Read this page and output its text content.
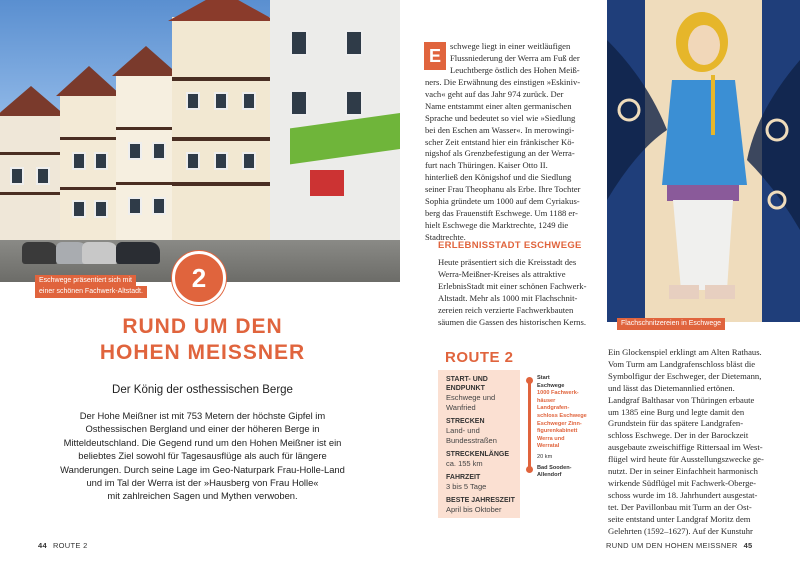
Eschwege präsentiert sich mit
einer schönen Fachwerk-Altstadt.	2
RUND UM DEN
HOHEN MEISSNER
Der König der osthessischen Berge

Der Hohe Meißner ist mit 753 Metern der höchste Gipfel im

Osthessischen Bergland und einer der höheren Berge in

Mitteldeutschland. Die Gegend rund um den Hohen Meißner ist ein

beliebtes Ziel sowohl für Tagesausflüge als auch für längere

Wanderungen. Durch seine Lage im Geo-Naturpark Frau-Holle-Land

und im Tal der Werra ist der »Hausberg von Frau Holle«

mit zahlreichen Sagen und Mythen verwoben.

44 ROUTE 2
E	schwege liegt in einer weitläufigen

Flussniederung der Werra am Fuß der

Leuchtberge östlich des Hohen Meiß-

ners. Die Erwähnung des einstigen »Eskiniv-

vach« geht auf das Jahr 974 zurück. Der

Name entstammt einer alten germanischen

Sprache und bedeutet so viel wie »Siedlung

bei den Eschen am Wasser«. In merowingi-

scher Zeit entstand hier ein fränkischer Kö-

nigshof als Grenzbefestigung an der Werra-

furt nach Thüringen. Kaiser Otto II.

hinterließ den Königshof und die Siedlung

seiner Frau Theophanu als Erbe. Ihre Tochter

Sophia gründete um 1000 auf dem Cyriakus-

berg das Frauenstift Eschwege. Um 1188 er-

hielt Eschwege die Marktrechte, 1249 die

Stadtrechte.

ERLEBNISSTADT ESCHWEGE

Heute präsentiert sich die Kreisstadt des

Werra-Meißner-Kreises als attraktive

ErlebnisStadt mit einer schönen Fachwerk-

Altstadt. Mehr als 1000 mit Flachschnit-

zereien reich verzierte Fachwerkbauten

säumen die Gassen des historischen Kerns.	Flachschnitzereien in Eschwege
ROUTE 2
START- UND ENDPUNKT
Eschwege und Wanfried
STRECKEN
Land- und Bundesstraßen
STRECKENLÄNGE
ca. 155 km
FAHRZEIT
3 bis 5 Tage
BESTE JAHRESZEIT
April bis Oktober
Start
Eschwege
1000 Fachwerk-
häuser
Landgrafen-
schloss Eschwege
Eschweger Zinn-
figurenkabinett
Werra und
Werratal
20 km
Bad Sooden-
Allendorf

Ein Glockenspiel erklingt am Alten Rathaus.

Vom Turm am Landgrafenschloss bläst die

Symbolfigur der Eschweger, der Dietemann,

und lässt das Dietemannlied ertönen.

Landgraf Balthasar von Thüringen erbaute

um 1385 eine Burg und legte damit den

Grundstein für das spätere Landgrafen-

schloss Eschwege. Der in der Barockzeit

ausgebaute zweischiffige Rittersaal im West-

flügel wird heute für Ausstellungszwecke ge-

nutzt. Der in seiner Einfachheit harmonisch

wirkende Südflügel mit Fachwerk-Oberge-

schoss wurde im 18. Jahrhundert ausgestat-

tet. Der Pavillonbau mit Turm an der Ost-

seite entstand unter Landgraf Moritz dem

Gelehrten (1592–1627). Auf der Kunstuhr

RUND UM DEN HOHEN MEISSNER 45
